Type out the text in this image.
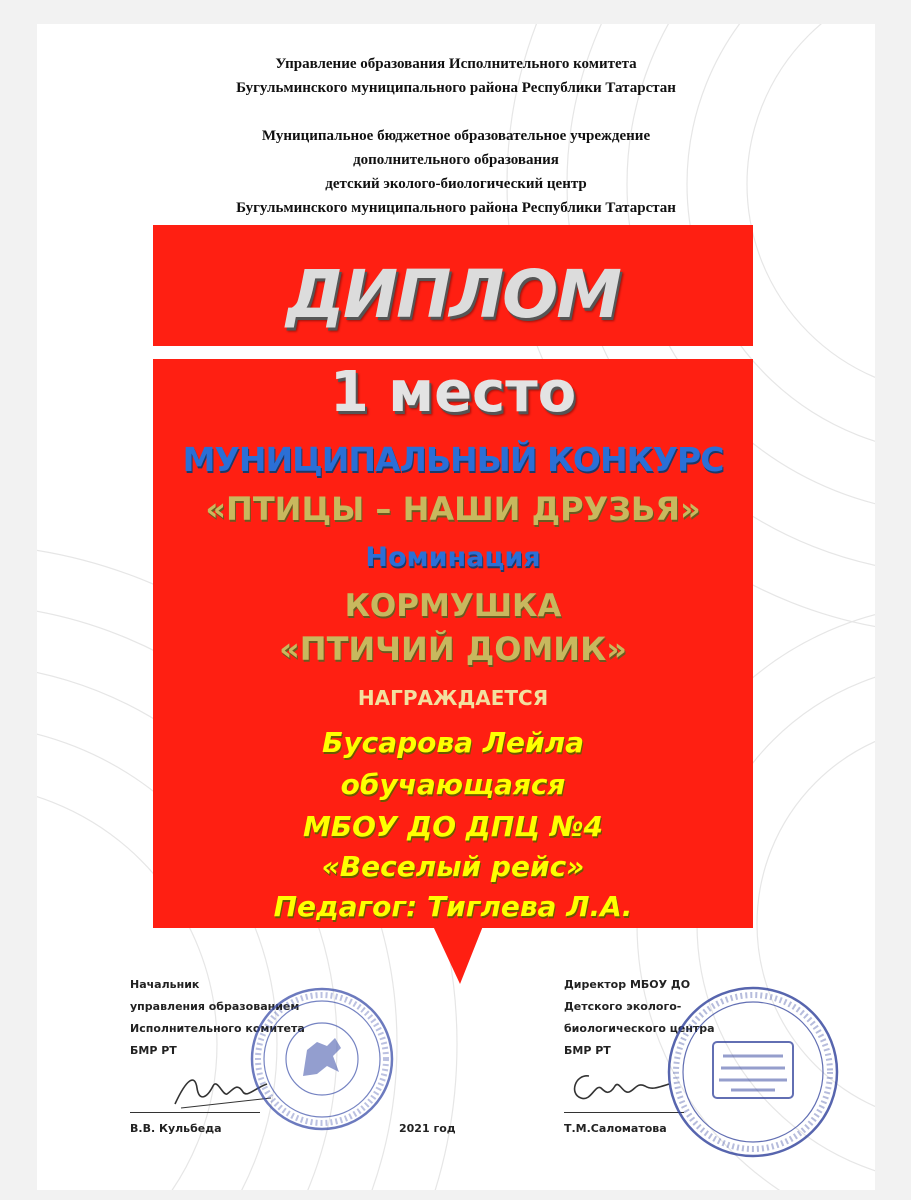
Управление образования Исполнительного комитета
Бугульминского муниципального района Республики Татарстан
Муниципальное бюджетное образовательное учреждение
дополнительного образования
детский эколого-биологический центр
Бугульминского муниципального района Республики Татарстан
ДИПЛОМ
1 место
МУНИЦИПАЛЬНЫЙ КОНКУРС
«ПТИЦЫ – НАШИ ДРУЗЬЯ»
Номинация
КОРМУШКА
«ПТИЧИЙ ДОМИК»
НАГРАЖДАЕТСЯ
Бусарова Лейла
обучающаяся
МБОУ ДО ДПЦ №4
«Веселый рейс»
Педагог: Тиглева Л.А.
Начальник
управления образованием
Исполнительного комитета
БМР РТ
В.В. Кульбеда	2021 год
Директор МБОУ ДО
Детского эколого-
биологического центра
БМР РТ
Т.М.Саломатова
